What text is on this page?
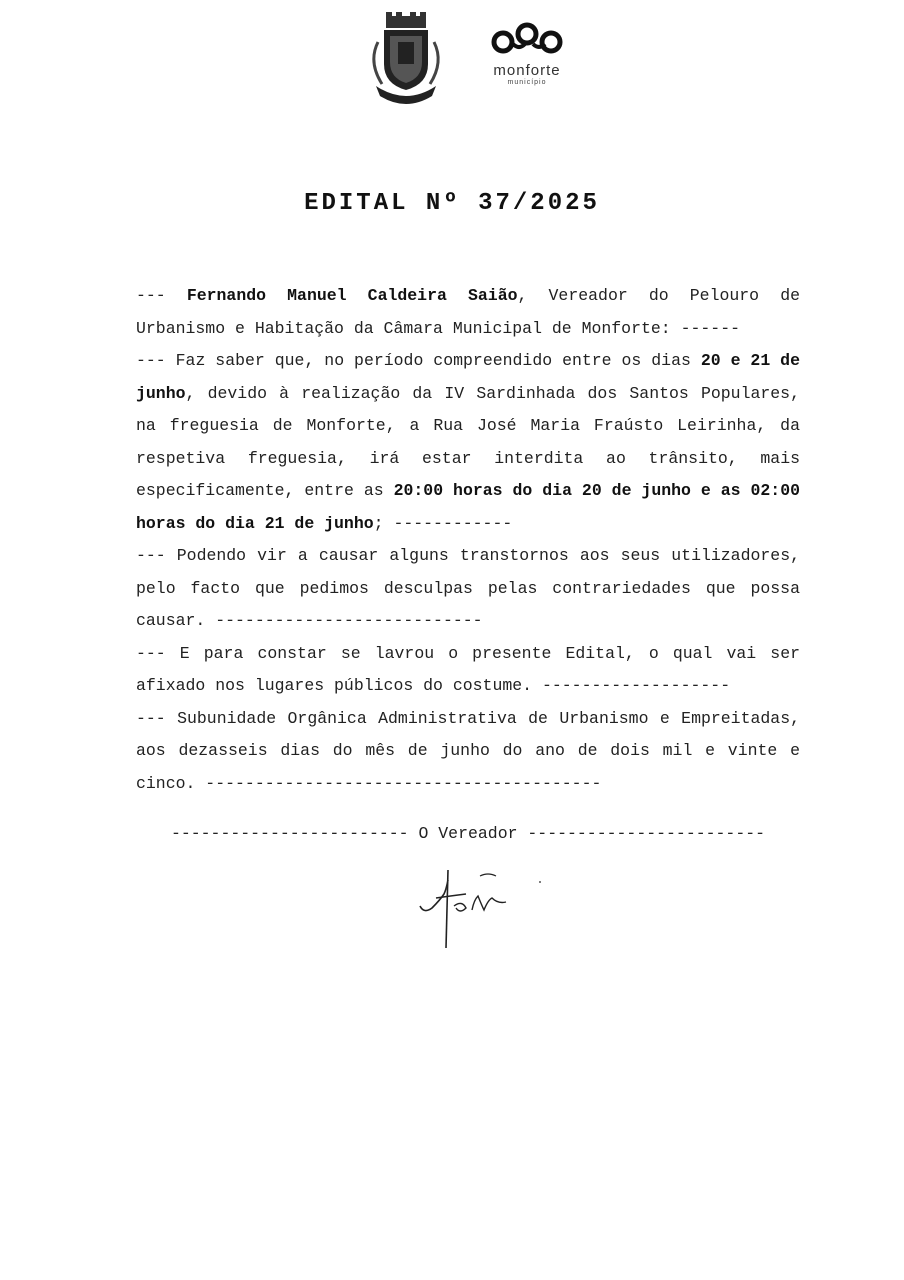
monforte
município
EDITAL Nº 37/2025

--- Fernando Manuel Caldeira Saião, Vereador do Pelouro de Urbanismo e Habitação da Câmara Municipal de Monforte: ------

--- Faz saber que, no período compreendido entre os dias 20 e 21 de junho, devido à realização da IV Sardinhada dos Santos Populares, na freguesia de Monforte, a Rua José Maria Fraústo Leirinha, da respetiva freguesia, irá estar interdita ao trânsito, mais especificamente, entre as 20:00 horas do dia 20 de junho e as 02:00 horas do dia 21 de junho; ------------

--- Podendo vir a causar alguns transtornos aos seus utilizadores, pelo facto que pedimos desculpas pelas contrariedades que possa causar. ---------------------------

--- E para constar se lavrou o presente Edital, o qual vai ser afixado nos lugares públicos do costume. -------------------

--- Subunidade Orgânica Administrativa de Urbanismo e Empreitadas, aos dezasseis dias do mês de junho do ano de dois mil e vinte e cinco. ----------------------------------------

------------------------ O Vereador ------------------------
